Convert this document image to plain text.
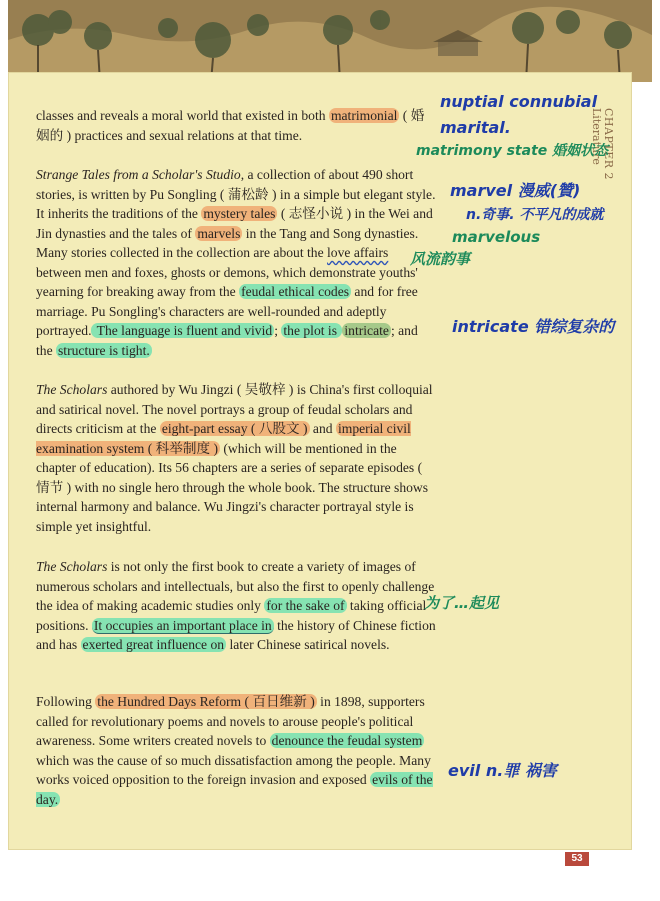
CHAPTER 2
Literature

classes and reveals a moral world that existed in both matrimonial ( 婚姻的 ) practices and sexual relations at that time.

Strange Tales from a Scholar's Studio, a collection of about 490 short stories, is written by Pu Songling ( 蒲松龄 ) in a simple but elegant style. It inherits the traditions of the mystery tales ( 志怪小说 ) in the Wei and Jin dynasties and the tales of marvels in the Tang and Song dynasties. Many stories collected in the collection are about the love affairs between men and foxes, ghosts or demons, which demonstrate youths' yearning for breaking away from the feudal ethical codes and for free marriage. Pu Songling's characters are well-rounded and adeptly portrayed. The language is fluent and vivid ; the plot is intricate ; and the structure is tight.

The Scholars authored by Wu Jingzi ( 吴敬梓 ) is China's first colloquial and satirical novel. The novel portrays a group of feudal scholars and directs criticism at the eight-part essay ( 八股文 ) and imperial civil examination system ( 科举制度 ) (which will be mentioned in the chapter of education). Its 56 chapters are a series of separate episodes ( 情节 ) with no single hero through the whole book. The structure shows internal harmony and balance. Wu Jingzi's character portrayal style is simple yet insightful.

The Scholars is not only the first book to create a variety of images of numerous scholars and intellectuals, but also the first to openly challenge the idea of making academic studies only for the sake of taking official positions. It occupies an important place in the history of Chinese fiction and has exerted great influence on later Chinese satirical novels.

Following the Hundred Days Reform ( 百日维新 ) in 1898, supporters called for revolutionary poems and novels to arouse people's political awareness. Some writers created novels to denounce the feudal system which was the cause of so much dissatisfaction among the people. Many works voiced opposition to the foreign invasion and exposed evils of the day.

nuptial connubial
marital.
matrimony state 婚姻状态
marvel 漫威(贊)
n.奇事. 不平凡的成就
marvelous
风流韵事
intricate 错综复杂的
为了…起见
evil n.罪 祸害
53
